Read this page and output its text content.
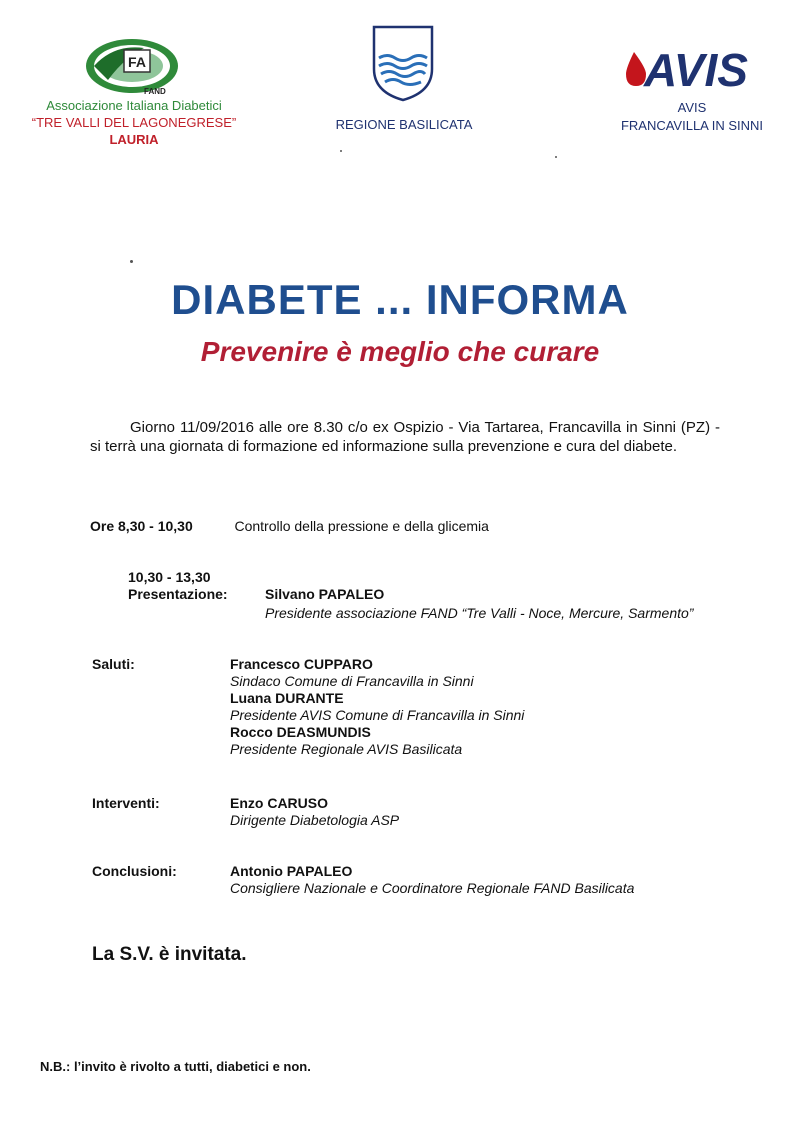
FA
FAND
Associazione Italiana Diabetici
“TRE VALLI DEL LAGONEGRESE”
LAURIA
REGIONE BASILICATA
AVIS
AVIS
FRANCAVILLA IN SINNI
DIABETE ... INFORMA
Prevenire è meglio che curare
Giorno 11/09/2016 alle ore 8.30 c/o ex Ospizio - Via Tartarea, Francavilla in Sinni (PZ) - si terrà una giornata di formazione ed informazione sulla prevenzione e cura del diabete.
Ore 8,30 - 10,30	Controllo della pressione e della glicemia
10,30 - 13,30
Presentazione:	Silvano PAPALEO
Presidente associazione FAND “Tre Valli - Noce, Mercure, Sarmento”
Saluti:	Francesco CUPPARO
Sindaco Comune di Francavilla in Sinni
Luana DURANTE
Presidente AVIS Comune di Francavilla in Sinni
Rocco DEASMUNDIS
Presidente Regionale AVIS Basilicata
Interventi:	Enzo CARUSO
Dirigente Diabetologia ASP
Conclusioni:	Antonio PAPALEO
Consigliere Nazionale e Coordinatore Regionale FAND Basilicata
La S.V. è invitata.
N.B.: l’invito è rivolto a tutti, diabetici e non.
